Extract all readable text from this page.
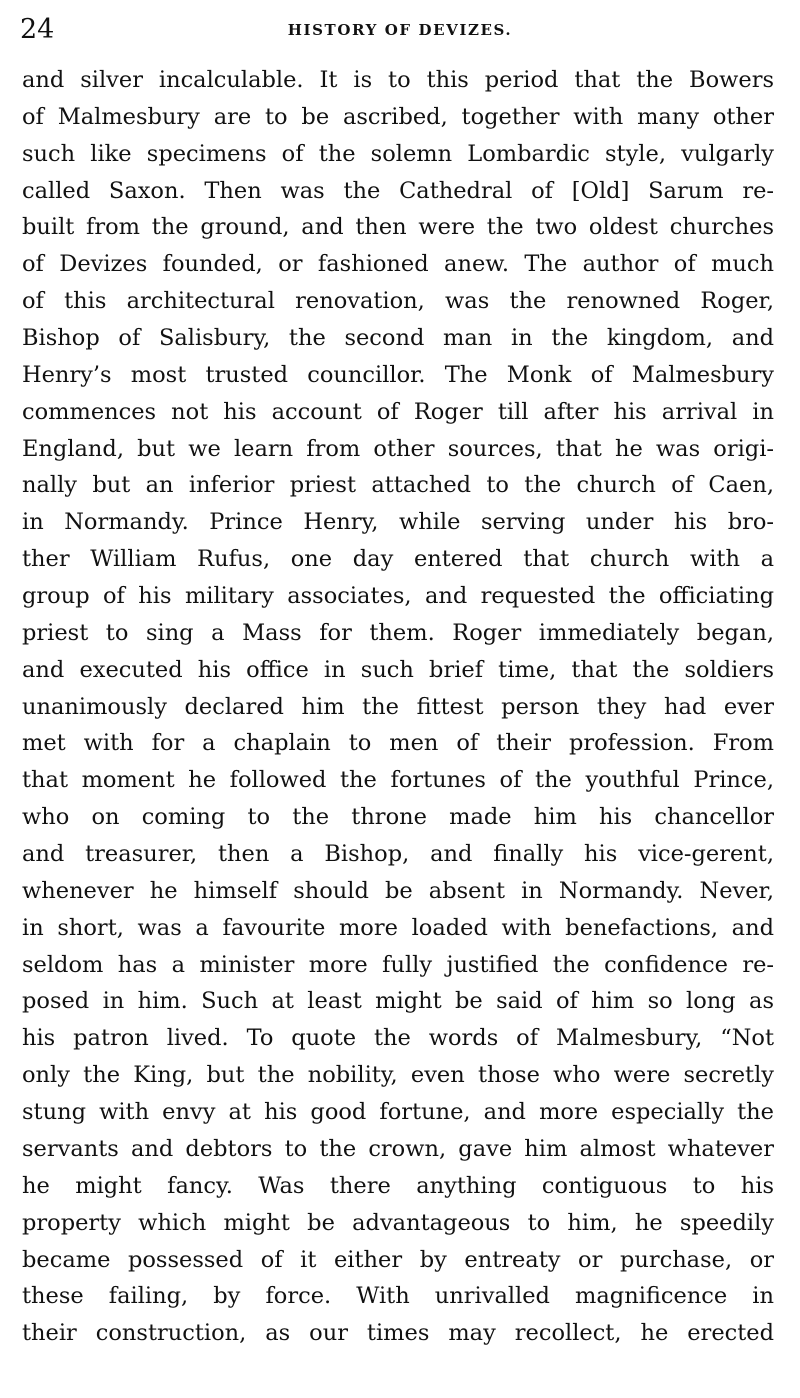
24	HISTORY OF DEVIZES.
and silver incalculable. It is to this period that the Bowers
of Malmesbury are to be ascribed, together with many other
such like specimens of the solemn Lombardic style, vulgarly
called Saxon. Then was the Cathedral of [Old] Sarum re-
built from the ground, and then were the two oldest churches
of Devizes founded, or fashioned anew. The author of much
of this architectural renovation, was the renowned Roger,
Bishop of Salisbury, the second man in the kingdom, and
Henry’s most trusted councillor. The Monk of Malmesbury
commences not his account of Roger till after his arrival in
England, but we learn from other sources, that he was origi-
nally but an inferior priest attached to the church of Caen,
in Normandy. Prince Henry, while serving under his bro-
ther William Rufus, one day entered that church with a
group of his military associates, and requested the officiating
priest to sing a Mass for them. Roger immediately began,
and executed his office in such brief time, that the soldiers
unanimously declared him the fittest person they had ever
met with for a chaplain to men of their profession. From
that moment he followed the fortunes of the youthful Prince,
who on coming to the throne made him his chancellor
and treasurer, then a Bishop, and finally his vice-gerent,
whenever he himself should be absent in Normandy. Never,
in short, was a favourite more loaded with benefactions, and
seldom has a minister more fully justified the confidence re-
posed in him. Such at least might be said of him so long as
his patron lived. To quote the words of Malmesbury, “Not
only the King, but the nobility, even those who were secretly
stung with envy at his good fortune, and more especially the
servants and debtors to the crown, gave him almost whatever
he might fancy. Was there anything contiguous to his
property which might be advantageous to him, he speedily
became possessed of it either by entreaty or purchase, or
these failing, by force. With unrivalled magnificence in
their construction, as our times may recollect, he erected
